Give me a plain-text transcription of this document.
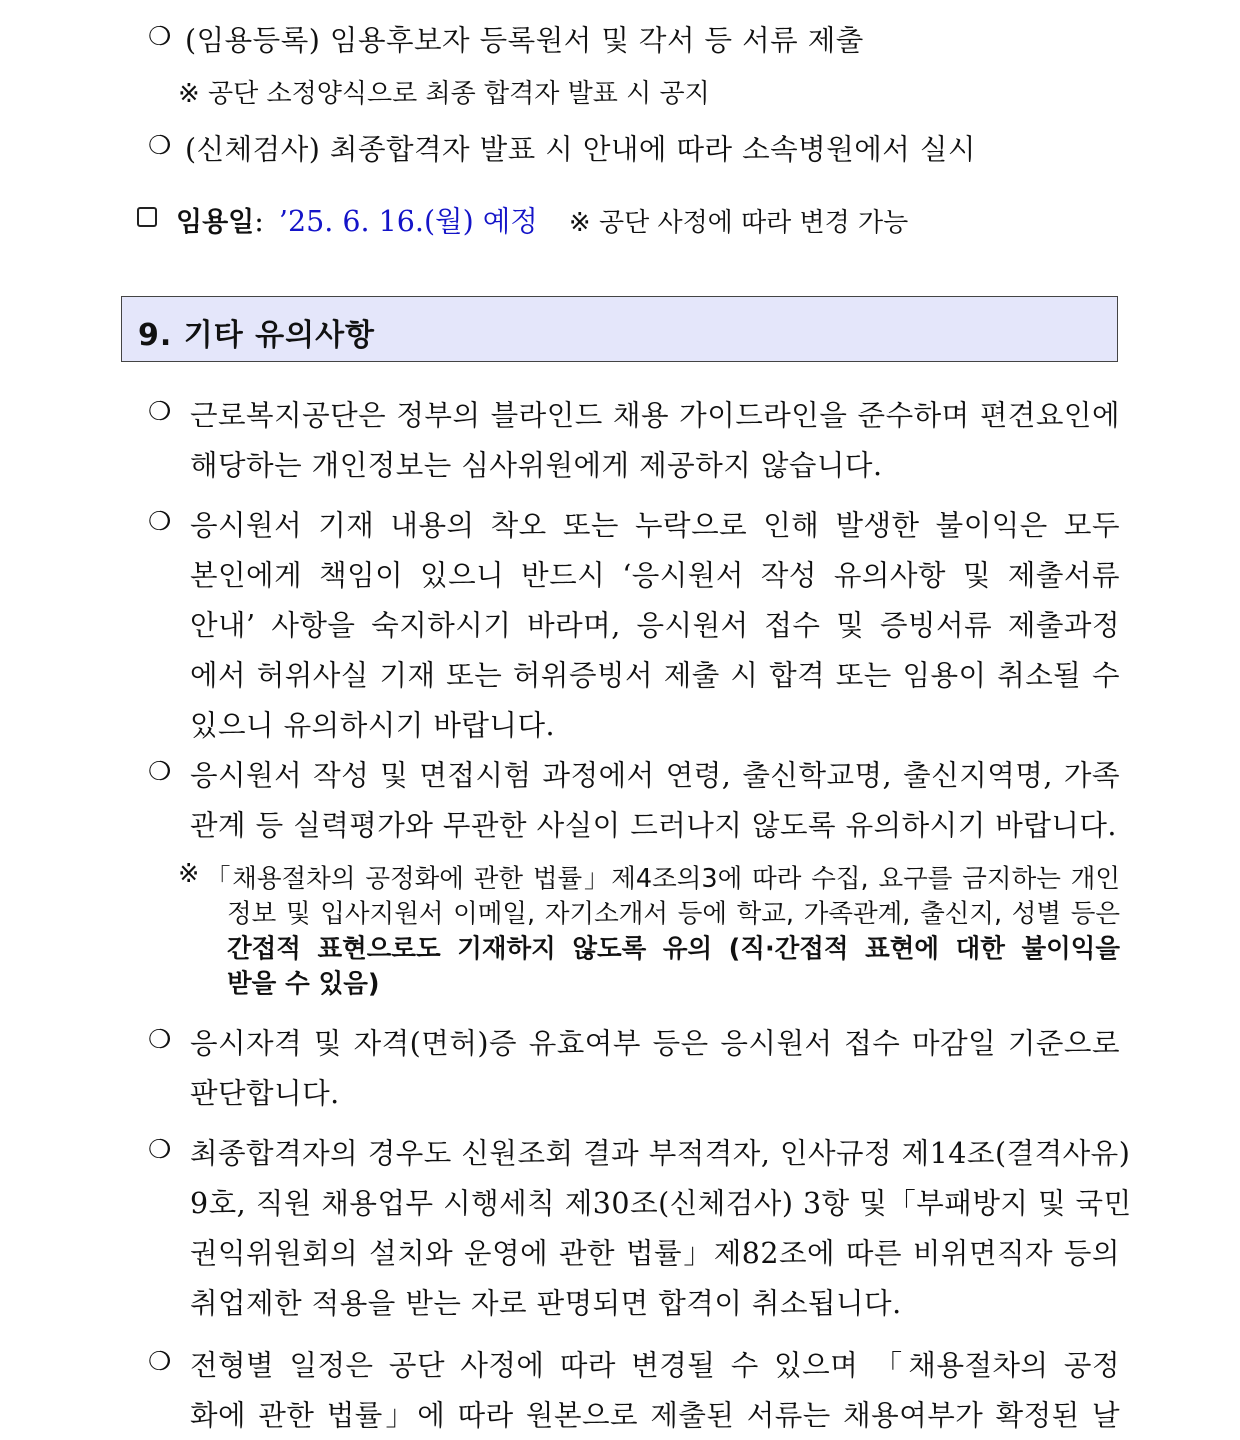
❍ (임용등록) 임용후보자 등록원서 및 각서 등 서류 제출
※ 공단 소정양식으로 최종 합격자 발표 시 공지
❍ (신체검사) 최종합격자 발표 시 안내에 따라 소속병원에서 실시
임용일: ’25. 6. 16.(월) 예정 ※ 공단 사정에 따라 변경 가능
9. 기타 유의사항
❍ 근로복지공단은 정부의 블라인드 채용 가이드라인을 준수하며 편견요인에
해당하는 개인정보는 심사위원에게 제공하지 않습니다.
❍ 응시원서 기재 내용의 착오 또는 누락으로 인해 발생한 불이익은 모두
본인에게 책임이 있으니 반드시 ‘응시원서 작성 유의사항 및 제출서류
안내’ 사항을 숙지하시기 바라며, 응시원서 접수 및 증빙서류 제출과정
에서 허위사실 기재 또는 허위증빙서 제출 시 합격 또는 임용이 취소될 수
있으니 유의하시기 바랍니다.
❍ 응시원서 작성 및 면접시험 과정에서 연령, 출신학교명, 출신지역명, 가족
관계 등 실력평가와 무관한 사실이 드러나지 않도록 유의하시기 바랍니다.
※ 「채용절차의 공정화에 관한 법률」제4조의3에 따라 수집, 요구를 금지하는 개인
정보 및 입사지원서 이메일, 자기소개서 등에 학교, 가족관계, 출신지, 성별 등은
간접적 표현으로도 기재하지 않도록 유의 (직·간접적 표현에 대한 불이익을
받을 수 있음)
❍ 응시자격 및 자격(면허)증 유효여부 등은 응시원서 접수 마감일 기준으로
판단합니다.
❍ 최종합격자의 경우도 신원조회 결과 부적격자, 인사규정 제14조(결격사유)
9호, 직원 채용업무 시행세칙 제30조(신체검사) 3항 및「부패방지 및 국민
권익위원회의 설치와 운영에 관한 법률」제82조에 따른 비위면직자 등의
취업제한 적용을 받는 자로 판명되면 합격이 취소됩니다.
❍ 전형별 일정은 공단 사정에 따라 변경될 수 있으며 「채용절차의 공정
화에 관한 법률」에 따라 원본으로 제출된 서류는 채용여부가 확정된 날
